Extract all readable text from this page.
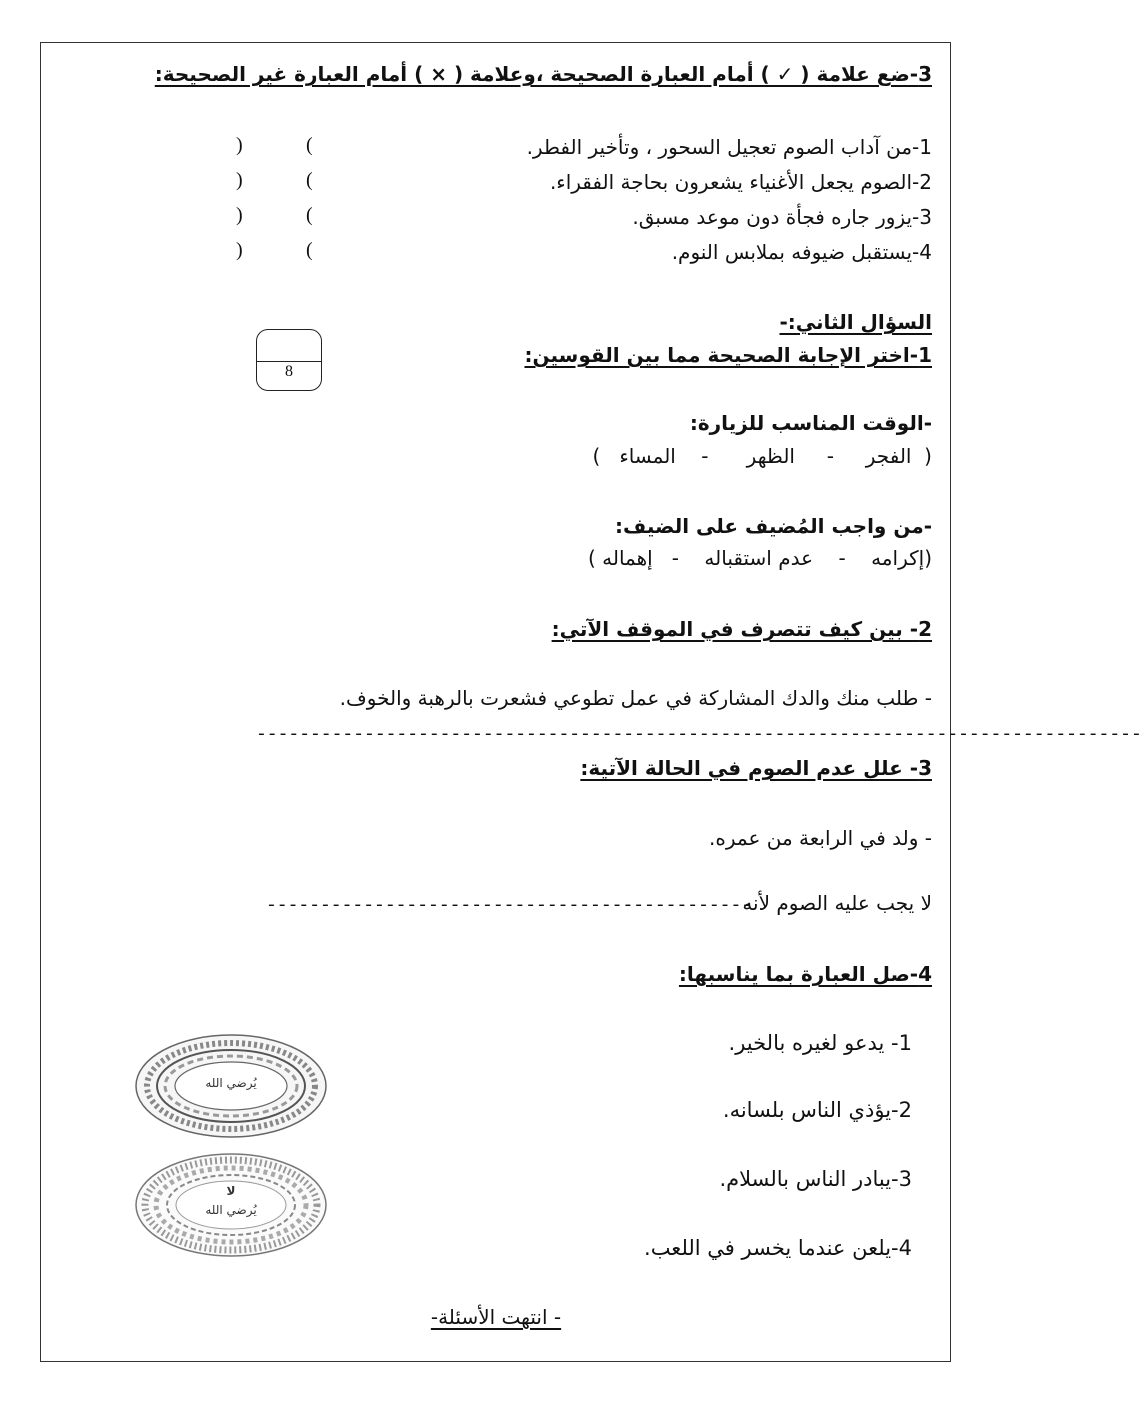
3-ضع علامة ( ✓ ) أمام العبارة الصحيحة ،وعلامة ( × ) أمام العبارة غير الصحيحة:
1-من آداب الصوم تعجيل السحور ، وتأخير الفطر.
2-الصوم يجعل الأغنياء يشعرون بحاجة الفقراء.
3-يزور جاره فجأة دون موعد مسبق.
4-يستقبل ضيوفه بملابس النوم.
(
)
(
)
(
)
(
)
السؤال الثاني:-
1-اختر الإجابة الصحيحة مما بين القوسين:
8
-الوقت المناسب للزيارة:
(  الفجر     -     الظهر      -    المساء   )
-من واجب المُضيف على الضيف:
(إكرامه    -    عدم استقباله    -   إهماله )
2- بين كيف تتصرف في الموقف الآتي:
- طلب منك والدك المشاركة في عمل تطوعي فشعرت بالرهبة والخوف.
----------------------------------------------------------------------------------
3- علل عدم الصوم في الحالة الآتية:
- ولد في الرابعة من عمره.
لا يجب عليه الصوم لأنه
---------------------------------------------
4-صل العبارة بما يناسبها:
1- يدعو لغيره بالخير.
2-يؤذي الناس بلسانه.
3-يبادر الناس بالسلام.
4-يلعن عندما يخسر في اللعب.
يُرضي الله
لا
يُرضي الله
- انتهت الأسئلة-
